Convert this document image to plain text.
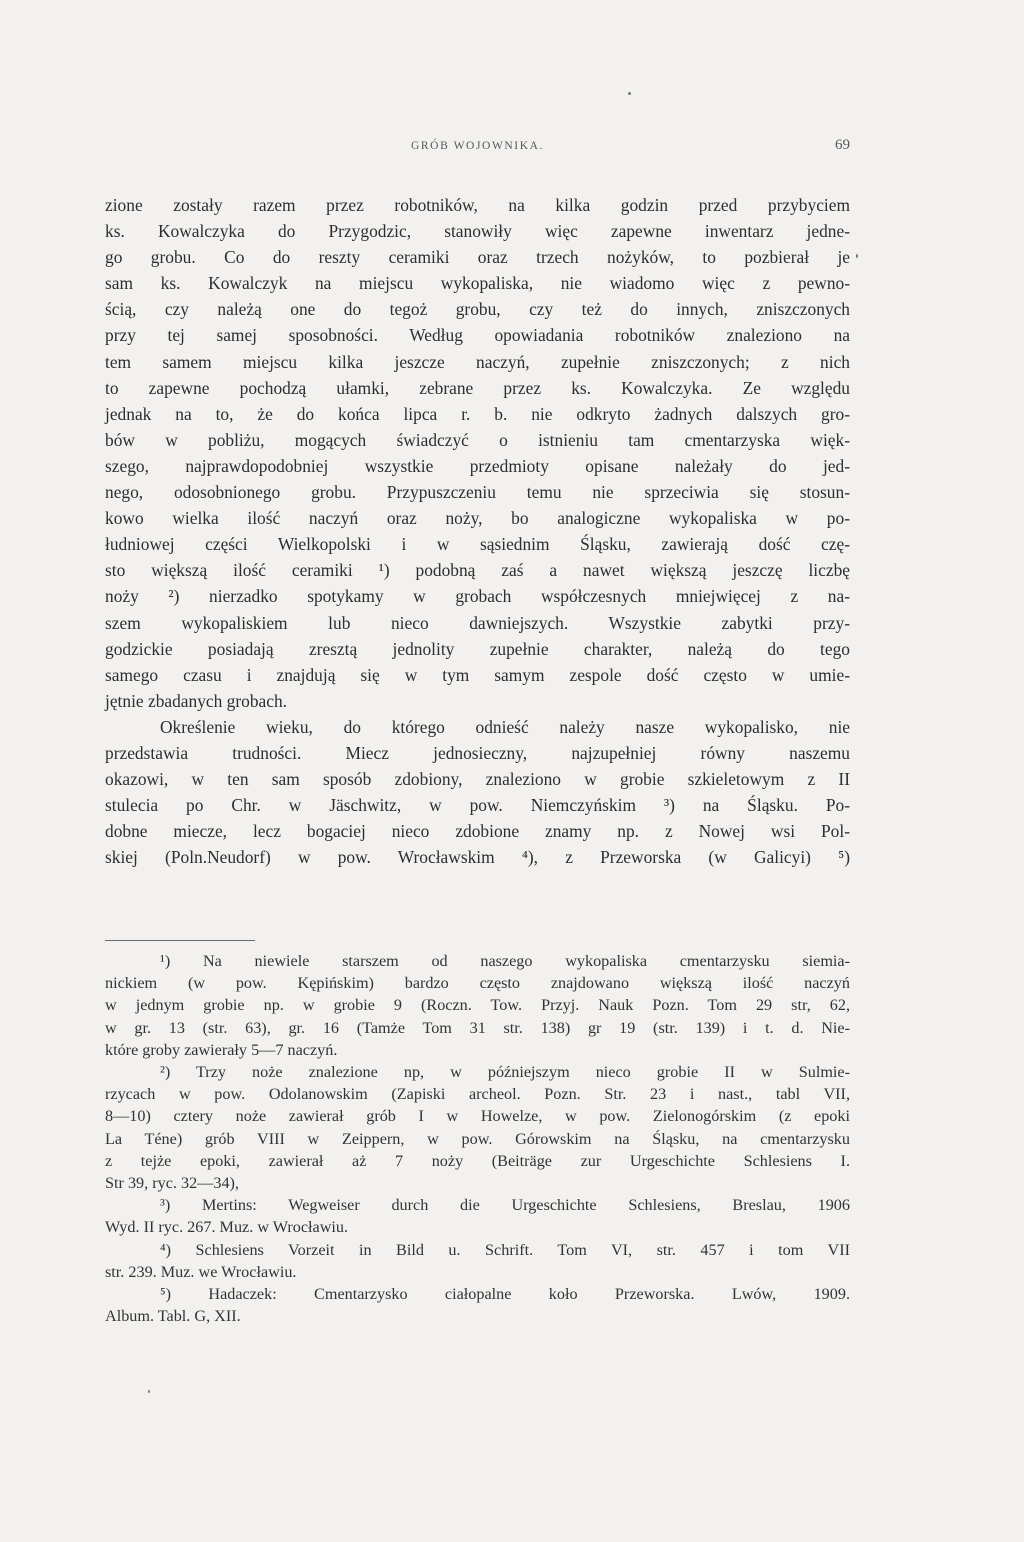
GRÓB WOJOWNIKA.	69
zione zostały razem przez robotników, na kilka godzin przed przybyciem
ks. Kowalczyka do Przygodzic, stanowiły więc zapewne inwentarz jedne-
go grobu. Co do reszty ceramiki oraz trzech nożyków, to pozbierał je
sam ks. Kowalczyk na miejscu wykopaliska, nie wiadomo więc z pewno-
ścią, czy należą one do tegoż grobu, czy też do innych, zniszczonych
przy tej samej sposobności. Według opowiadania robotników znaleziono na
tem samem miejscu kilka jeszcze naczyń, zupełnie zniszczonych; z nich
to zapewne pochodzą ułamki, zebrane przez ks. Kowalczyka. Ze względu
jednak na to, że do końca lipca r. b. nie odkryto żadnych dalszych gro-
bów w pobliżu, mogących świadczyć o istnieniu tam cmentarzyska więk-
szego, najprawdopodobniej wszystkie przedmioty opisane należały do jed-
nego, odosobnionego grobu. Przypuszczeniu temu nie sprzeciwia się stosun-
kowo wielka ilość naczyń oraz noży, bo analogiczne wykopaliska w po-
łudniowej części Wielkopolski i w sąsiednim Śląsku, zawierają dość czę-
sto większą ilość ceramiki ¹) podobną zaś a nawet większą jeszczę liczbę
noży ²) nierzadko spotykamy w grobach współczesnych mniejwięcej z na-
szem wykopaliskiem lub nieco dawniejszych. Wszystkie zabytki przy-
godzickie posiadają zresztą jednolity zupełnie charakter, należą do tego
samego czasu i znajdują się w tym samym zespole dość często w umie-
jętnie zbadanych grobach.
Określenie wieku, do którego odnieść należy nasze wykopalisko, nie
przedstawia trudności. Miecz jednosieczny, najzupełniej równy naszemu
okazowi, w ten sam sposób zdobiony, znaleziono w grobie szkieletowym z II
stulecia po Chr. w Jäschwitz, w pow. Niemczyńskim ³) na Śląsku. Po-
dobne miecze, lecz bogaciej nieco zdobione znamy np. z Nowej wsi Pol-
skiej (Poln.Neudorf) w pow. Wrocławskim ⁴), z Przeworska (w Galicyi) ⁵)
¹) Na niewiele starszem od naszego wykopaliska cmentarzysku siemia-
nickiem (w pow. Kępińskim) bardzo często znajdowano większą ilość naczyń
w jednym grobie np. w grobie 9 (Roczn. Tow. Przyj. Nauk Pozn. Tom 29 str, 62,
w gr. 13 (str. 63), gr. 16 (Tamże Tom 31 str. 138) gr 19 (str. 139) i t. d. Nie-
które groby zawierały 5—7 naczyń.
²) Trzy noże znalezione np, w późniejszym nieco grobie II w Sulmie-
rzycach w pow. Odolanowskim (Zapiski archeol. Pozn. Str. 23 i nast., tabl VII,
8—10) cztery noże zawierał grób I w Howelze, w pow. Zielonogórskim (z epoki
La Téne) grób VIII w Zeippern, w pow. Górowskim na Śląsku, na cmentarzysku
z tejże epoki, zawierał aż 7 noży (Beiträge zur Urgeschichte Schlesiens I.
Str 39, ryc. 32—34),
³) Mertins: Wegweiser durch die Urgeschichte Schlesiens, Breslau, 1906
Wyd. II ryc. 267. Muz. w Wrocławiu.
⁴) Schlesiens Vorzeit in Bild u. Schrift. Tom VI, str. 457 i tom VII
str. 239. Muz. we Wrocławiu.
⁵) Hadaczek: Cmentarzysko ciałopalne koło Przeworska. Lwów, 1909.
Album. Tabl. G, XII.
